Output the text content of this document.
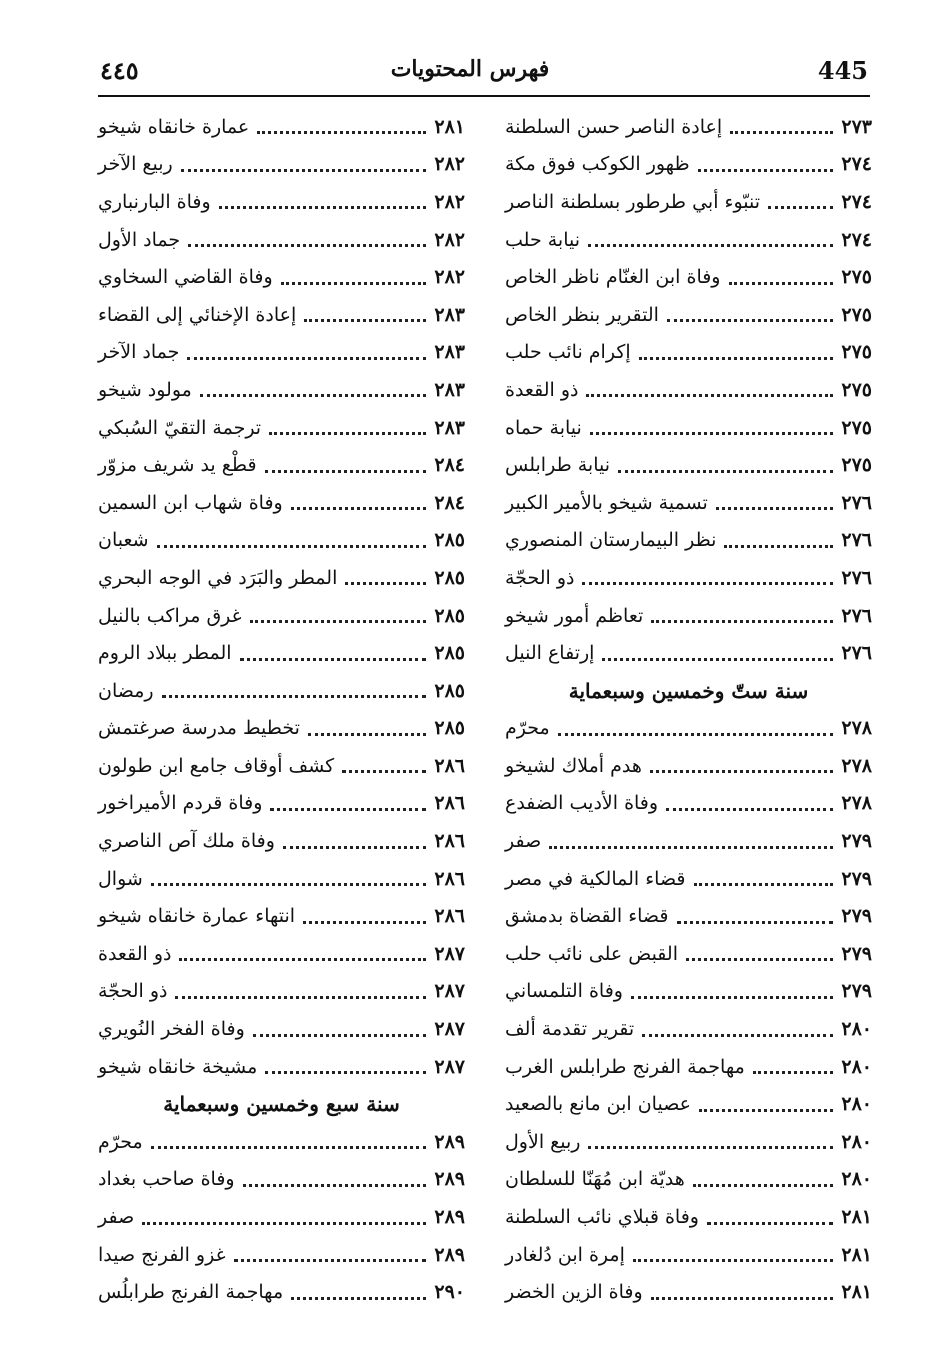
445
فهرس المحتويات
٤٤٥
إعادة الناصر حسن السلطنة	٢٧٣
ظهور الكوكب فوق مكة	٢٧٤
تنبّوء أبي طرطور بسلطنة الناصر	٢٧٤
نيابة حلب	٢٧٤
وفاة ابن الغنّام ناظر الخاص	٢٧٥
التقرير بنظر الخاص	٢٧٥
إكرام نائب حلب	٢٧٥
ذو القعدة	٢٧٥
نيابة حماه	٢٧٥
نيابة طرابلس	٢٧٥
تسمية شيخو بالأمير الكبير	٢٧٦
نظر البيمارستان المنصوري	٢٧٦
ذو الحجّة	٢٧٦
تعاظم أمور شيخو	٢٧٦
إرتفاع النيل	٢٧٦
سنة ستّ وخمسين وسبعماية
محرّم	٢٧٨
هدم أملاك لشيخو	٢٧٨
وفاة الأديب الضفدع	٢٧٨
صفر	٢٧٩
قضاء المالكية في مصر	٢٧٩
قضاء القضاة بدمشق	٢٧٩
القبض على نائب حلب	٢٧٩
وفاة التلمساني	٢٧٩
تقرير تقدمة ألف	٢٨٠
مهاجمة الفرنج طرابلس الغرب	٢٨٠
عصيان ابن مانع بالصعيد	٢٨٠
ربيع الأول	٢٨٠
هديّة ابن مُهَنّا للسلطان	٢٨٠
وفاة قبلاي نائب السلطنة	٢٨١
إمرة ابن دُلغادر	٢٨١
وفاة الزين الخضر	٢٨١
عمارة خانقاه شيخو	٢٨١
ربيع الآخر	٢٨٢
وفاة البارنباري	٢٨٢
جماد الأول	٢٨٢
وفاة القاضي السخاوي	٢٨٢
إعادة الإخنائي إلى القضاء	٢٨٣
جماد الآخر	٢٨٣
مولود شيخو	٢٨٣
ترجمة التقيّ السُبكي	٢٨٣
قطْع يد شريف مزوّر	٢٨٤
وفاة شهاب ابن السمين	٢٨٤
شعبان	٢٨٥
المطر والبَرَد في الوجه البحري	٢٨٥
غرق مراكب بالنيل	٢٨٥
المطر ببلاد الروم	٢٨٥
رمضان	٢٨٥
تخطيط مدرسة صرغتمش	٢٨٥
كشف أوقاف جامع ابن طولون	٢٨٦
وفاة قردم الأميراخور	٢٨٦
وفاة ملك آص الناصري	٢٨٦
شوال	٢٨٦
انتهاء عمارة خانقاه شيخو	٢٨٦
ذو القعدة	٢٨٧
ذو الحجّة	٢٨٧
وفاة الفخر النُويري	٢٨٧
مشيخة خانقاه شيخو	٢٨٧
سنة سبع وخمسين وسبعماية
محرّم	٢٨٩
وفاة صاحب بغداد	٢٨٩
صفر	٢٨٩
غزو الفرنج صيدا	٢٨٩
مهاجمة الفرنج طرابلُس	٢٩٠
